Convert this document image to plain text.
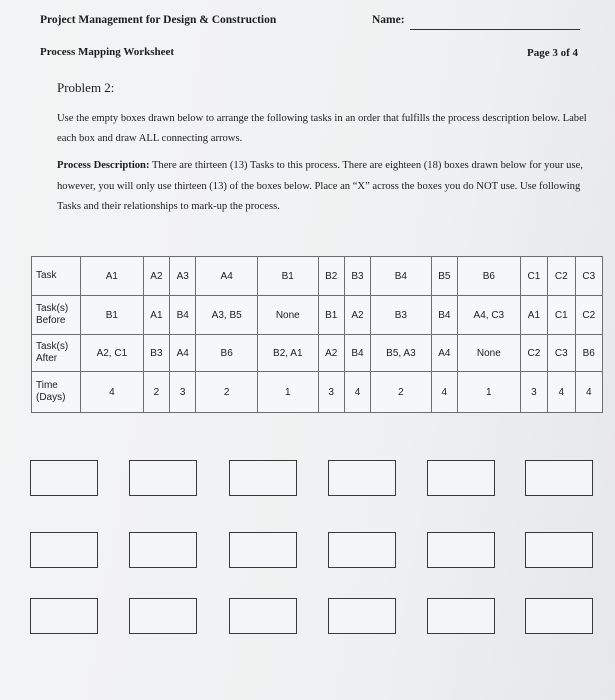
Project Management for Design & Construction	Name:
Process Mapping Worksheet	Page 3 of 4
Problem 2:
Use the empty boxes drawn below to arrange the following tasks in an order that fulfills the process description below. Label each box and draw ALL connecting arrows.
Process Description: There are thirteen (13) Tasks to this process. There are eighteen (18) boxes drawn below for your use, however, you will only use thirteen (13) of the boxes below. Place an “X” across the boxes you do NOT use. Use following Tasks and their relationships to mark-up the process.
Task	A1	A2	A3	A4	B1	B2	B3	B4	B5	B6	C1	C2	C3
Task(s) Before	B1	A1	B4	A3, B5	None	B1	A2	B3	B4	A4, C3	A1	C1	C2
Task(s) After	A2, C1	B3	A4	B6	B2, A1	A2	B4	B5, A3	A4	None	C2	C3	B6
Time (Days)	4	2	3	2	1	3	4	2	4	1	3	4	4
